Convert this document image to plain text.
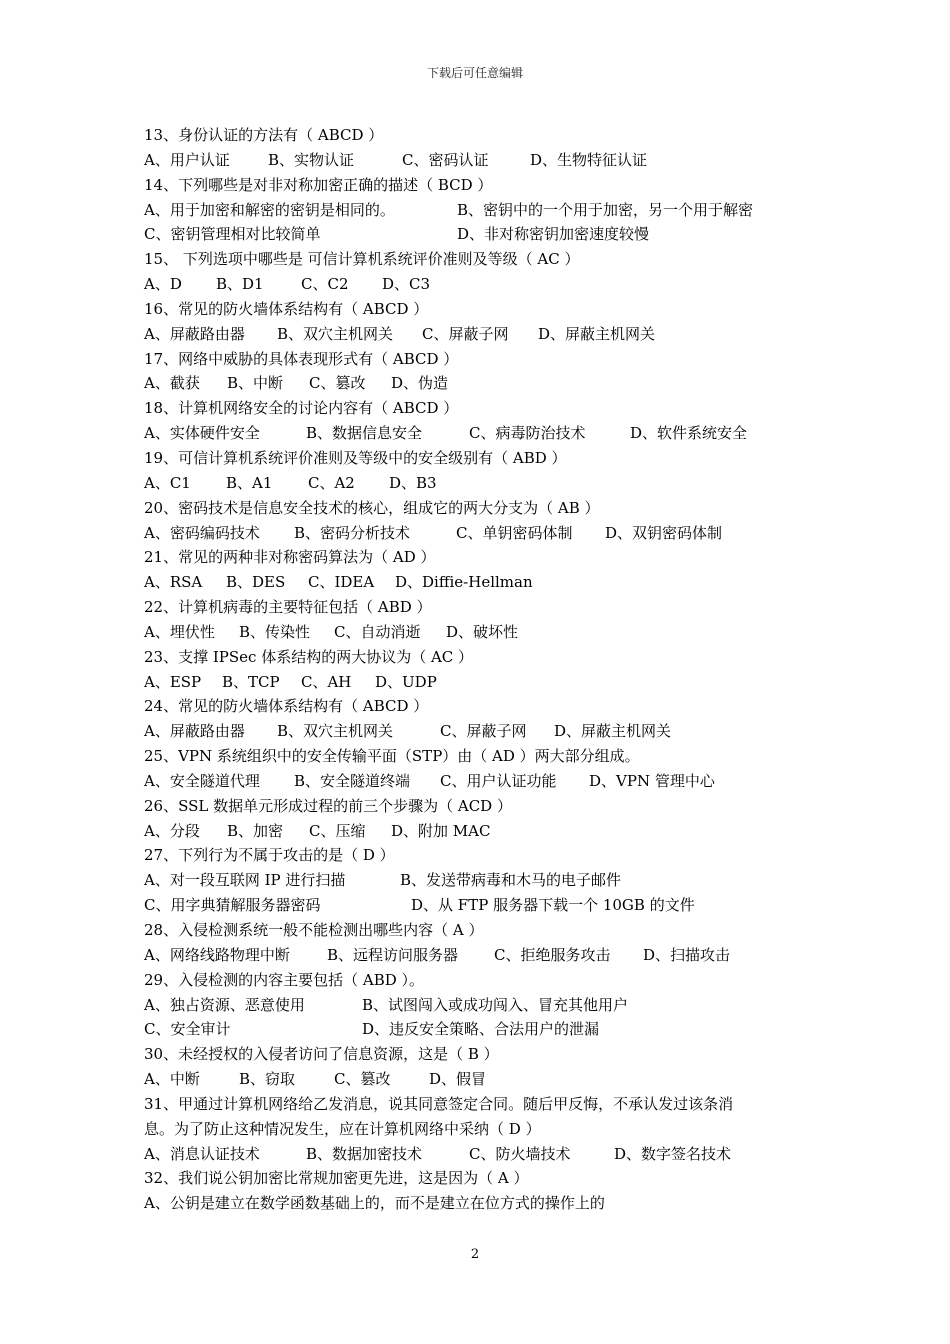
下载后可任意编辑
13、身份认证的方法有（ ABCD ）
A、用户认证	B、实物认证	C、密码认证	D、生物特征认证
14、下列哪些是对非对称加密正确的描述（ BCD ）
A、用于加密和解密的密钥是相同的。	B、密钥中的一个用于加密，另一个用于解密
C、密钥管理相对比较简单	D、非对称密钥加密速度较慢
15、 下列选项中哪些是 可信计算机系统评价准则及等级（ AC ）
A、D B、D1 C、C2 D、C3
16、常见的防火墙体系结构有（ ABCD ）
A、屏蔽路由器 B、双穴主机网关 C、屏蔽子网 D、屏蔽主机网关
17、网络中威胁的具体表现形式有（ ABCD ）
A、截获 B、中断 C、篡改 D、伪造
18、计算机网络安全的讨论内容有（ ABCD ）
A、实体硬件安全	B、数据信息安全	C、病毒防治技术	D、软件系统安全
19、可信计算机系统评价准则及等级中的安全级别有（ ABD ）
A、C1 B、A1 C、A2 D、B3
20、密码技术是信息安全技术的核心，组成它的两大分支为（ AB ）
A、密码编码技术 B、密码分析技术	C、单钥密码体制 D、双钥密码体制
21、常见的两种非对称密码算法为（ AD ）
A、RSA B、DES C、IDEA D、Diffie-Hellman
22、计算机病毒的主要特征包括（ ABD ）
A、埋伏性 B、传染性 C、自动消逝 D、破坏性
23、支撑 IPSec 体系结构的两大协议为（ AC ）
A、ESP B、TCP C、AH D、UDP
24、常见的防火墙体系结构有（ ABCD ）
A、屏蔽路由器 B、双穴主机网关	C、屏蔽子网 D、屏蔽主机网关
25、VPN 系统组织中的安全传输平面（STP）由（ AD ）两大部分组成。
A、安全隧道代理 B、安全隧道终端 C、用户认证功能 D、VPN 管理中心
26、SSL 数据单元形成过程的前三个步骤为（ ACD ）
A、分段 B、加密 C、压缩 D、附加 MAC
27、下列行为不属于攻击的是（ D ）
A、对一段互联网 IP 进行扫描	B、发送带病毒和木马的电子邮件
C、用字典猜解服务器密码	D、从 FTP 服务器下载一个 10GB 的文件
28、入侵检测系统一般不能检测出哪些内容（ A ）
A、网络线路物理中断 B、远程访问服务器 C、拒绝服务攻击 D、扫描攻击
29、入侵检测的内容主要包括（ ABD ）。
A、独占资源、恶意使用	B、试图闯入或成功闯入、冒充其他用户
C、安全审计	D、违反安全策略、合法用户的泄漏
30、未经授权的入侵者访问了信息资源，这是（ B ）
A、中断	B、窃取	C、篡改	D、假冒
31、甲通过计算机网络给乙发消息，说其同意签定合同。随后甲反悔，不承认发过该条消
息。为了防止这种情况发生，应在计算机网络中采纳（ D ）
A、消息认证技术	B、数据加密技术	C、防火墙技术	D、数字签名技术
32、我们说公钥加密比常规加密更先进，这是因为（ A ）
A、公钥是建立在数学函数基础上的，而不是建立在位方式的操作上的
2
